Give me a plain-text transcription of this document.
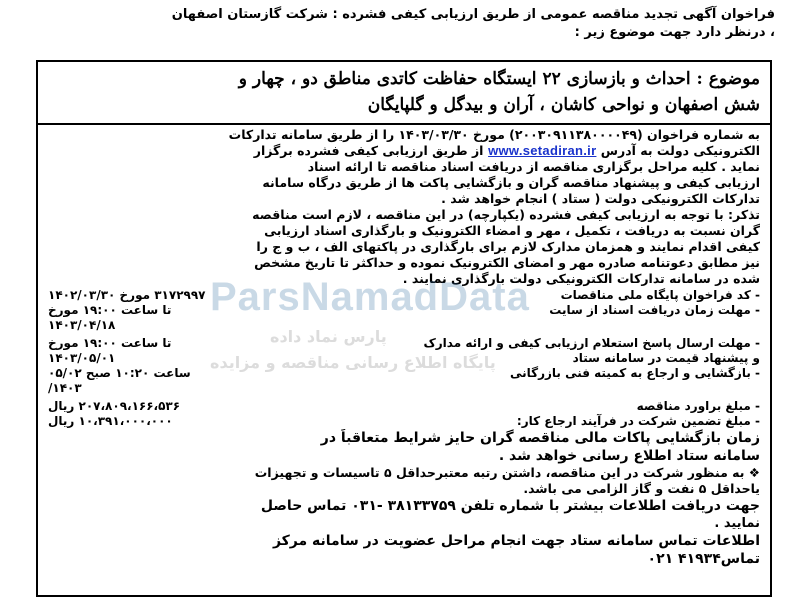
فراخوان آگهی تجدید مناقصه عمومی از طریق ارزیابی کیفی فشرده : شرکت گازستان اصفهان
، درنظر دارد جهت موضوع زیر :
موضوع : احداث و بازسازی ۲۲ ایستگاه حفاظت کاتدی مناطق دو ، چهار و
شش اصفهان و نواحی کاشان ، آران و بیدگل و گلپایگان
به شماره فراخوان (۲۰۰۳۰۹۱۱۳۸۰۰۰۰۴۹) مورخ ۱۴۰۳/۰۳/۳۰ را از طریق سامانه تدارکات
الکترونیکی دولت به آدرس www.setadiran.ir از طریق ارزیابی کیفی فشرده برگزار
نماید . کلیه مراحل برگزاری مناقصه از دریافت اسناد مناقصه تا ارائه اسناد
ارزیابی کیفی و پیشنهاد مناقصه گران و بازگشایی پاکت ها از طریق درگاه سامانه
تدارکات الکترونیکی دولت ( ستاد ) انجام خواهد شد .
تذکر: با توجه به ارزیابی کیفی فشرده (یکپارچه) در این مناقصه ، لازم است مناقصه
گران نسبت به دریافت ، تکمیل ، مهر و امضاء الکترونیک و بارگذاری اسناد ارزیابی
کیفی اقدام نمایند و همزمان مدارک لازم برای بارگذاری در پاکتهای الف ، ب و ج را
نیز مطابق دعوتنامه صادره مهر و امضای الکترونیک نموده و حداکثر تا تاریخ مشخص
شده در سامانه تدارکات الکترونیکی دولت بارگذاری نمایند .
- کد فراخوان پایگاه ملی مناقصات
۳۱۷۲۹۹۷ مورخ ۱۴۰۲/۰۳/۳۰
- مهلت زمان دریافت اسناد از سایت
تا ساعت ۱۹:۰۰ مورخ
۱۴۰۳/۰۴/۱۸
- مهلت ارسال پاسخ استعلام ارزیابی کیفی و ارائه مدارک
تا ساعت ۱۹:۰۰ مورخ
و پیشنهاد قیمت در سامانه ستاد
۱۴۰۳/۰۵/۰۱
- بازگشایی و ارجاع به کمیته فنی بازرگانی
ساعت ۱۰:۲۰ صبح ۰۵/۰۲
۱۴۰۳/
- مبلغ براورد مناقصه
۲۰۷،۸۰۹،۱۶۶،۵۳۶ ریال
- مبلغ تضمین شرکت در فرآیند ارجاع کار:
۱۰،۳۹۱،۰۰۰،۰۰۰ ریال
زمان بازگشایی پاکات مالی مناقصه گران حایز شرایط متعاقباً در
سامانه ستاد اطلاع رسانی خواهد شد .
❖ به منظور شرکت در این مناقصه، داشتن رتبه معتبرحداقل ۵ تاسیسات و تجهیزات
یاحداقل ۵ نفت و گاز الزامی می باشد.
جهت دریافت اطلاعات بیشتر با شماره تلفن ۳۸۱۳۳۷۵۹ -۰۳۱ تماس حاصل
نمایید .
اطلاعات تماس سامانه ستاد جهت انجام مراحل عضویت در سامانه مرکز
تماس۴۱۹۳۴ ۰۲۱
ParsNamadData
پارس نماد داده
پایگاه اطلاع رسانی مناقصه و مزایده
